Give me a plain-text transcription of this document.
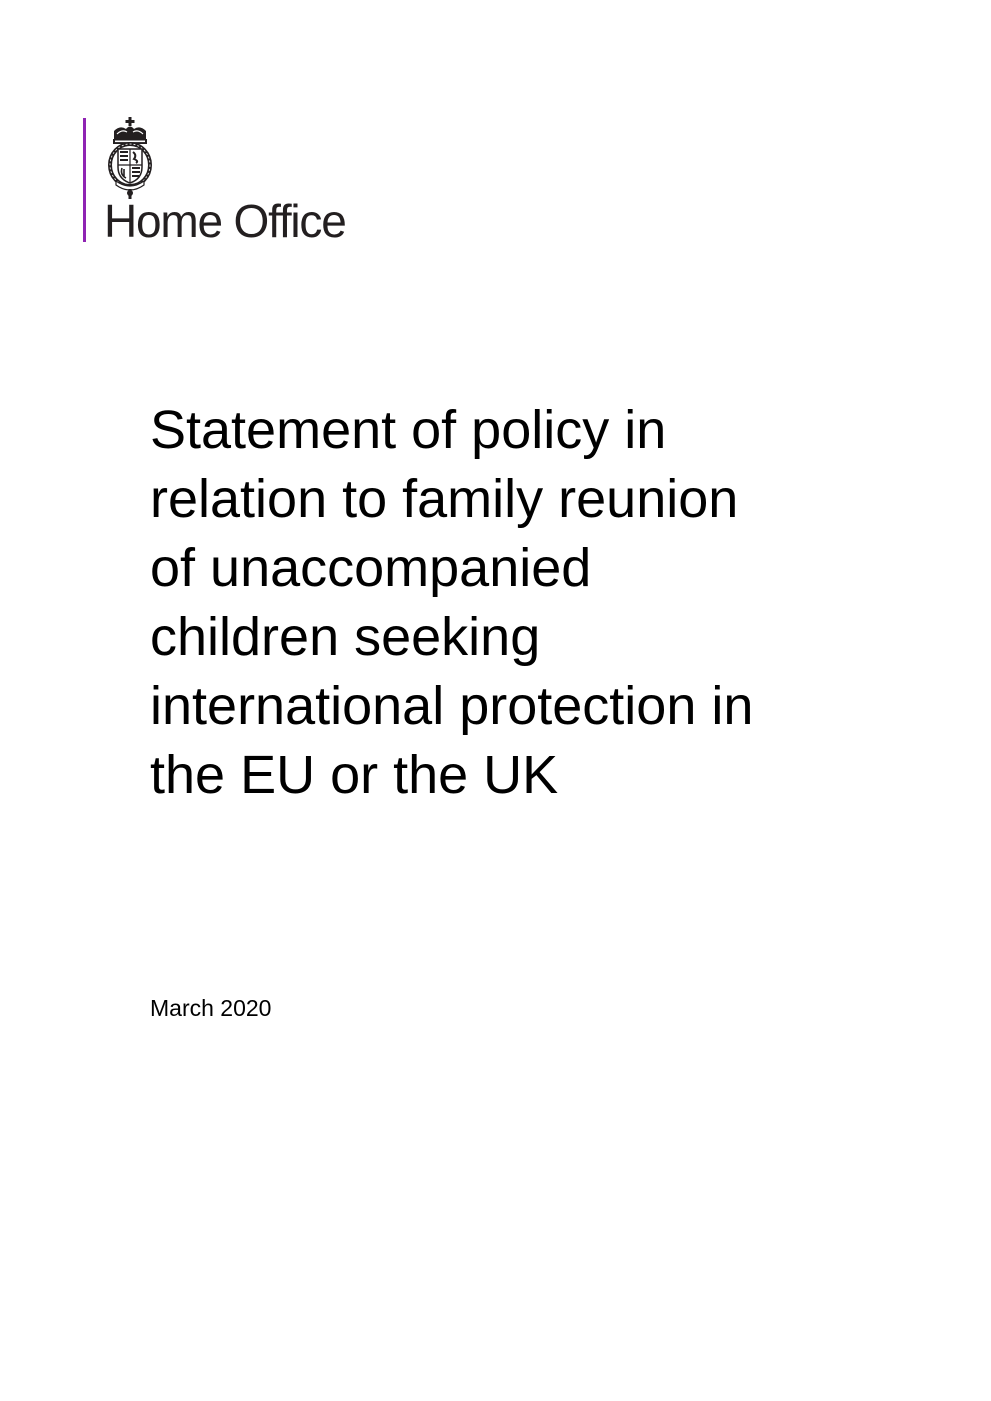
Home Office
Statement of policy in
relation to family reunion
of unaccompanied
children seeking
international protection in
the EU or the UK
March 2020
